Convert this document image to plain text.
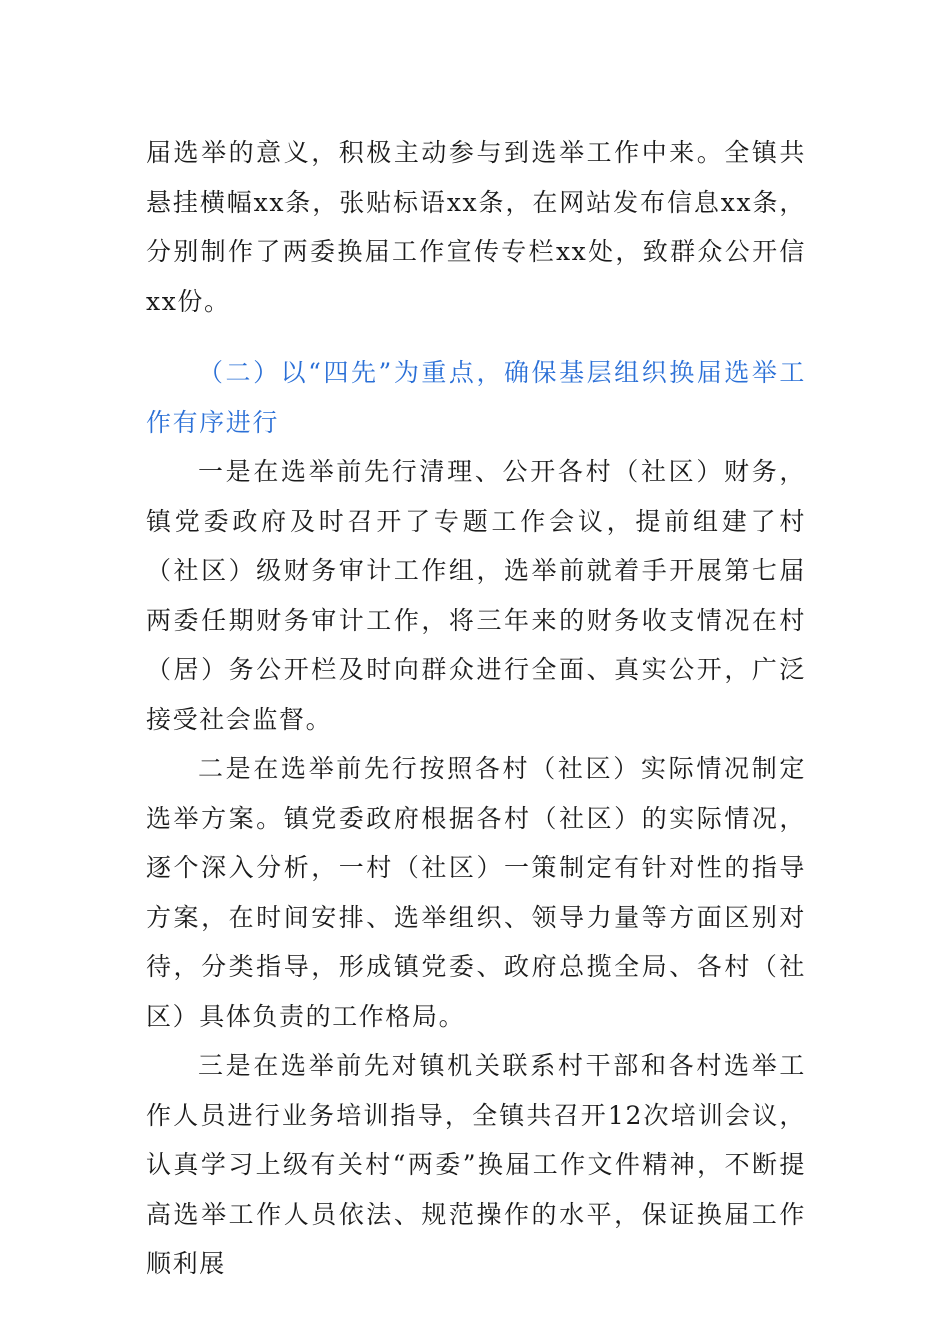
届选举的意义，积极主动参与到选举工作中来。全镇共悬挂横幅xx条，张贴标语xx条，在网站发布信息xx条，分别制作了两委换届工作宣传专栏xx处，致群众公开信xx份。

（二）以“四先”为重点，确保基层组织换届选举工作有序进行

一是在选举前先行清理、公开各村（社区）财务，镇党委政府及时召开了专题工作会议，提前组建了村（社区）级财务审计工作组，选举前就着手开展第七届两委任期财务审计工作，将三年来的财务收支情况在村（居）务公开栏及时向群众进行全面、真实公开，广泛接受社会监督。

二是在选举前先行按照各村（社区）实际情况制定选举方案。镇党委政府根据各村（社区）的实际情况，逐个深入分析，一村（社区）一策制定有针对性的指导方案，在时间安排、选举组织、领导力量等方面区别对待，分类指导，形成镇党委、政府总揽全局、各村（社区）具体负责的工作格局。

三是在选举前先对镇机关联系村干部和各村选举工作人员进行业务培训指导，全镇共召开12次培训会议，认真学习上级有关村“两委”换届工作文件精神，不断提高选举工作人员依法、规范操作的水平，保证换届工作顺利展
